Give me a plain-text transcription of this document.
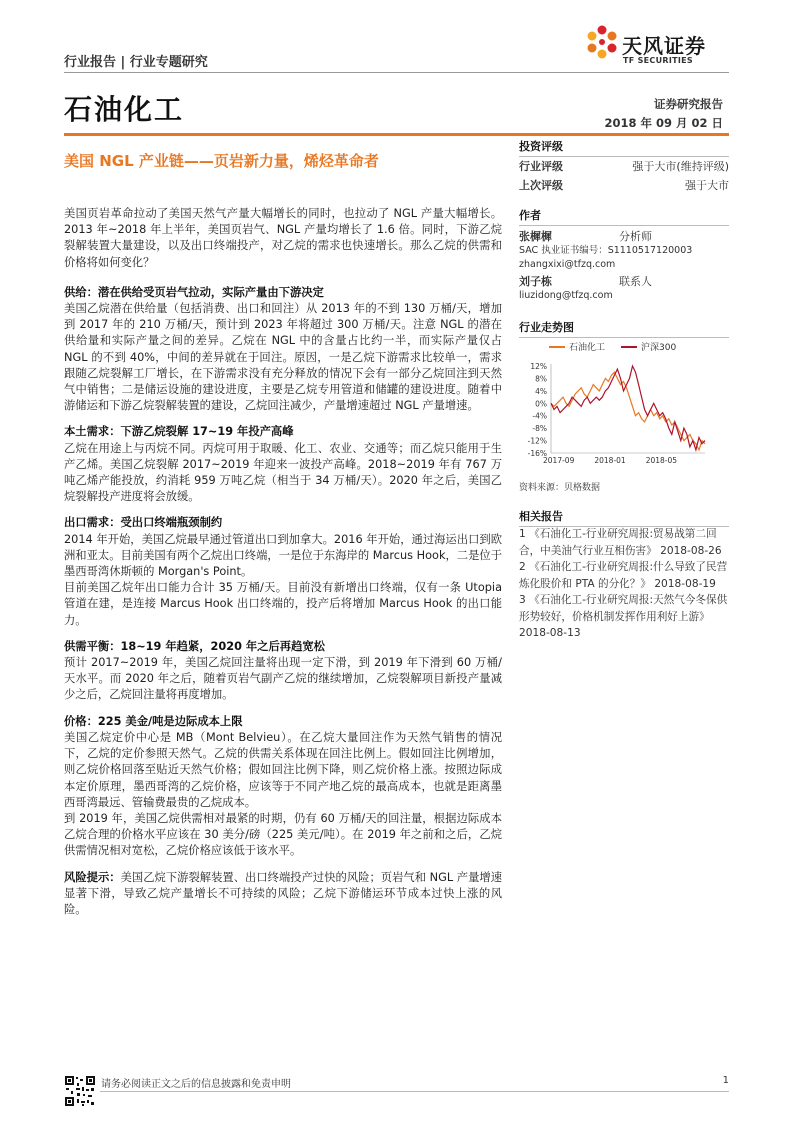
行业报告 | 行业专题研究
天风证券
TF SECURITIES
石油化工	证券研究报告
2018 年 09 月 02 日
美国 NGL 产业链——页岩新力量，烯烃革命者

美国页岩革命拉动了美国天然气产量大幅增长的同时，也拉动了 NGL 产量大幅增长。2013 年~2018 年上半年，美国页岩气、NGL 产量均增长了 1.6 倍。同时，下游乙烷裂解装置大量建设，以及出口终端投产，对乙烷的需求也快速增长。那么乙烷的供需和价格将如何变化？

供给：潜在供给受页岩气拉动，实际产量由下游决定

美国乙烷潜在供给量（包括消费、出口和回注）从 2013 年的不到 130 万桶/天，增加到 2017 年的 210 万桶/天，预计到 2023 年将超过 300 万桶/天。注意 NGL 的潜在供给量和实际产量之间的差异。乙烷在 NGL 中的含量占比约一半，而实际产量仅占 NGL 的不到 40%，中间的差异就在于回注。原因，一是乙烷下游需求比较单一，需求跟随乙烷裂解工厂增长，在下游需求没有充分释放的情况下会有一部分乙烷回注到天然气中销售；二是储运设施的建设进度，主要是乙烷专用管道和储罐的建设进度。随着中游储运和下游乙烷裂解装置的建设，乙烷回注减少，产量增速超过 NGL 产量增速。

本土需求：下游乙烷裂解 17~19 年投产高峰

乙烷在用途上与丙烷不同。丙烷可用于取暖、化工、农业、交通等；而乙烷只能用于生产乙烯。美国乙烷裂解 2017~2019 年迎来一波投产高峰。2018~2019 年有 767 万吨乙烯产能投放，约消耗 959 万吨乙烷（相当于 34 万桶/天）。2020 年之后，美国乙烷裂解投产进度将会放缓。

出口需求：受出口终端瓶颈制约

2014 年开始，美国乙烷最早通过管道出口到加拿大。2016 年开始，通过海运出口到欧洲和亚太。目前美国有两个乙烷出口终端，一是位于东海岸的 Marcus Hook，二是位于墨西哥湾休斯顿的 Morgan's Point。

目前美国乙烷年出口能力合计 35 万桶/天。目前没有新增出口终端，仅有一条 Utopia 管道在建，是连接 Marcus Hook 出口终端的，投产后将增加 Marcus Hook 的出口能力。

供需平衡：18~19 年趋紧，2020 年之后再趋宽松

预计 2017~2019 年，美国乙烷回注量将出现一定下滑，到 2019 年下滑到 60 万桶/天水平。而 2020 年之后，随着页岩气副产乙烷的继续增加，乙烷裂解项目新投产量减少之后，乙烷回注量将再度增加。

价格：225 美金/吨是边际成本上限

美国乙烷定价中心是 MB（Mont Belvieu）。在乙烷大量回注作为天然气销售的情况下，乙烷的定价参照天然气。乙烷的供需关系体现在回注比例上。假如回注比例增加，则乙烷价格回落至贴近天然气价格；假如回注比例下降，则乙烷价格上涨。按照边际成本定价原理，墨西哥湾的乙烷价格，应该等于不同产地乙烷的最高成本，也就是距离墨西哥湾最远、管输费最贵的乙烷成本。

到 2019 年，美国乙烷供需相对最紧的时期，仍有 60 万桶/天的回注量，根据边际成本乙烷合理的价格水平应该在 30 美分/磅（225 美元/吨）。在 2019 年之前和之后，乙烷供需情况相对宽松，乙烷价格应该低于该水平。

风险提示：美国乙烷下游裂解装置、出口终端投产过快的风险；页岩气和 NGL 产量增速显著下滑，导致乙烷产量增长不可持续的风险；乙烷下游储运环节成本过快上涨的风险。

投资评级
行业评级	强于大市(维持评级)
上次评级	强于大市
作者
张樨樨	分析师
SAC 执业证书编号：S1110517120003
zhangxixi@tfzq.com
刘子栋	联系人
liuzidong@tfzq.com
行业走势图
石油化工	沪深300
12%
8%
4%
0%
-4%
-8%
-12%
-16%
2017-09	2018-01	2018-05
资料来源：贝格数据
相关报告

1 《石油化工-行业研究周报:贸易战第二回合，中美油气行业互相伤害》 2018-08-26

2 《石油化工-行业研究周报:什么导致了民营炼化股价和 PTA 的分化？》 2018-08-19

3 《石油化工-行业研究周报:天然气今冬保供形势较好，价格机制发挥作用利好上游》 2018-08-13

请务必阅读正文之后的信息披露和免责申明	1
